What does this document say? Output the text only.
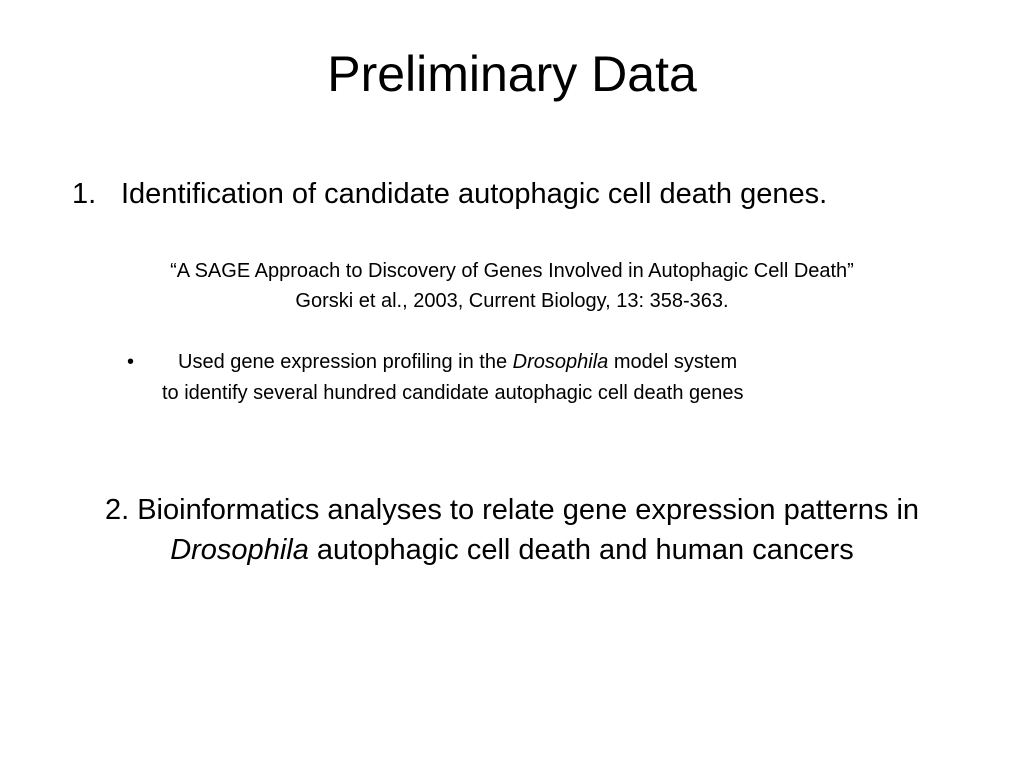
Preliminary Data
1. Identification of candidate autophagic cell death genes.
“A SAGE Approach to Discovery of Genes Involved in Autophagic Cell Death”
Gorski et al., 2003, Current Biology, 13: 358-363.
• Used gene expression profiling in the Drosophila model system
to identify several hundred candidate autophagic cell death genes
2. Bioinformatics analyses to relate gene expression patterns in
Drosophila autophagic cell death and human cancers
